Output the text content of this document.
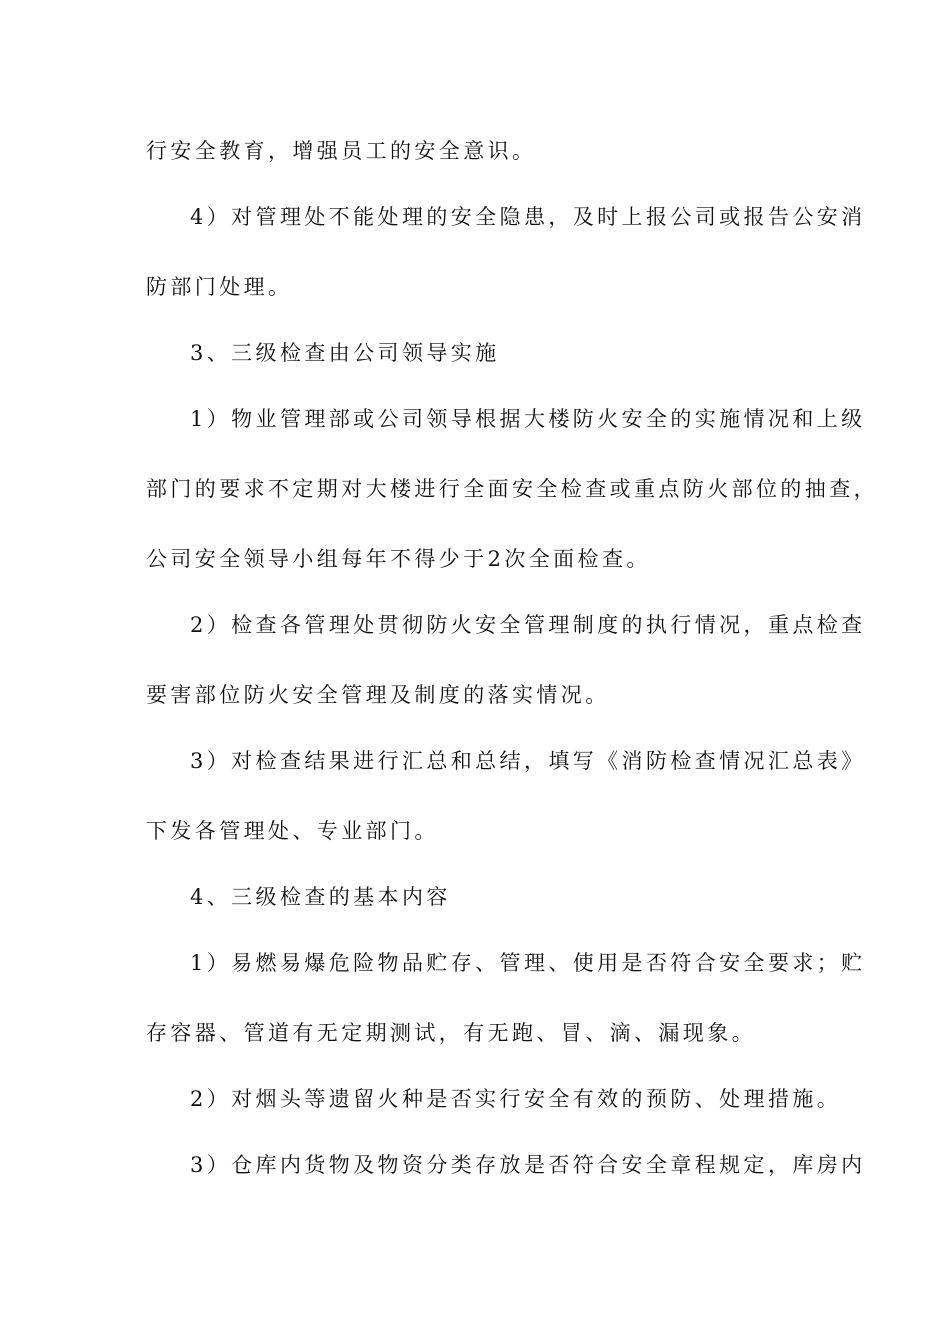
行安全教育，增强员工的安全意识。
4）对管理处不能处理的安全隐患，及时上报公司或报告公安消
防部门处理。
3、三级检查由公司领导实施
1）物业管理部或公司领导根据大楼防火安全的实施情况和上级
部门的要求不定期对大楼进行全面安全检查或重点防火部位的抽查，
公司安全领导小组每年不得少于2次全面检查。
2）检查各管理处贯彻防火安全管理制度的执行情况，重点检查
要害部位防火安全管理及制度的落实情况。
3）对检查结果进行汇总和总结，填写《消防检查情况汇总表》
下发各管理处、专业部门。
4、三级检查的基本内容
1）易燃易爆危险物品贮存、管理、使用是否符合安全要求；贮
存容器、管道有无定期测试，有无跑、冒、滴、漏现象。
2）对烟头等遗留火种是否实行安全有效的预防、处理措施。
3）仓库内货物及物资分类存放是否符合安全章程规定，库房内
